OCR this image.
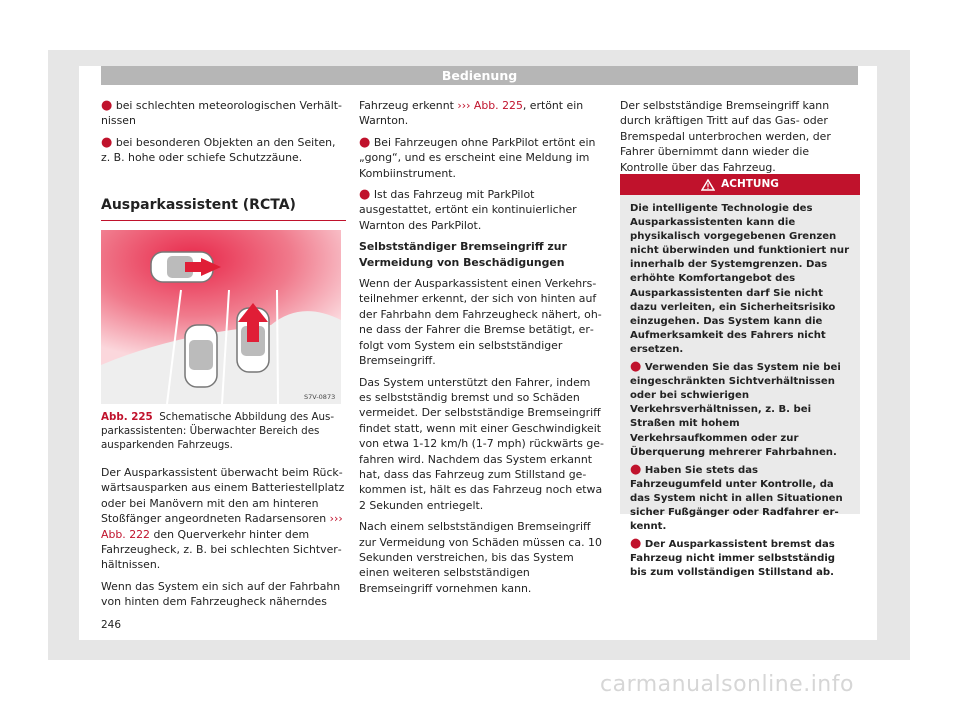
Bedienung

● bei schlechten meteorologischen Verhältnissen

● bei besonderen Objekten an den Seiten, z. B. hohe oder schiefe Schutzzäune.

Ausparkassistent (RCTA)
S7V-0873
Abb. 225 Schematische Abbildung des Ausparkassistenten: Überwachter Bereich des ausparkenden Fahrzeugs.

Der Ausparkassistent überwacht beim Rückwärtsausparken aus einem Batteriestellplatz oder bei Manövern mit den am hinteren Stoßfänger angeordneten Radarsensoren ››› Abb. 222 den Querverkehr hinter dem Fahrzeugheck, z. B. bei schlechten Sichtverhältnissen.

Wenn das System ein sich auf der Fahrbahn von hinten dem Fahrzeugheck näherndes

Fahrzeug erkennt ››› Abb. 225, ertönt ein Warnton.

● Bei Fahrzeugen ohne ParkPilot ertönt ein „gong“, und es erscheint eine Meldung im Kombiinstrument.

● Ist das Fahrzeug mit ParkPilot ausgestattet, ertönt ein kontinuierlicher Warnton des ParkPilot.

Selbstständiger Bremseingriff zur Vermeidung von Beschädigungen

Wenn der Ausparkassistent einen Verkehrsteilnehmer erkennt, der sich von hinten auf der Fahrbahn dem Fahrzeugheck nähert, ohne dass der Fahrer die Bremse betätigt, erfolgt vom System ein selbstständiger Bremseingriff.

Das System unterstützt den Fahrer, indem es selbstständig bremst und so Schäden vermeidet. Der selbstständige Bremseingriff findet statt, wenn mit einer Geschwindigkeit von etwa 1-12 km/h (1-7 mph) rückwärts gefahren wird. Nachdem das System erkannt hat, dass das Fahrzeug zum Stillstand gekommen ist, hält es das Fahrzeug noch etwa 2 Sekunden entriegelt.

Nach einem selbstständigen Bremseingriff zur Vermeidung von Schäden müssen ca. 10 Sekunden verstreichen, bis das System einen weiteren selbstständigen Bremseingriff vornehmen kann.

Der selbstständige Bremseingriff kann durch kräftigen Tritt auf das Gas- oder Bremspedal unterbrochen werden, der Fahrer übernimmt dann wieder die Kontrolle über das Fahrzeug.

ACHTUNG

Die intelligente Technologie des Ausparkassistenten kann die physikalisch vorgegebenen Grenzen nicht überwinden und funktioniert nur innerhalb der Systemgrenzen. Das erhöhte Komfortangebot des Ausparkassistenten darf Sie nicht dazu verleiten, ein Sicherheitsrisiko einzugehen. Das System kann die Aufmerksamkeit des Fahrers nicht ersetzen.

● Verwenden Sie das System nie bei eingeschränkten Sichtverhältnissen oder bei schwierigen Verkehrsverhältnissen, z. B. bei Straßen mit hohem Verkehrsaufkommen oder zur Überquerung mehrerer Fahrbahnen.

● Haben Sie stets das Fahrzeugumfeld unter Kontrolle, da das System nicht in allen Situationen sicher Fußgänger oder Radfahrer erkennt.

● Der Ausparkassistent bremst das Fahrzeug nicht immer selbstständig bis zum vollständigen Stillstand ab.

246
carmanualsonline.info
